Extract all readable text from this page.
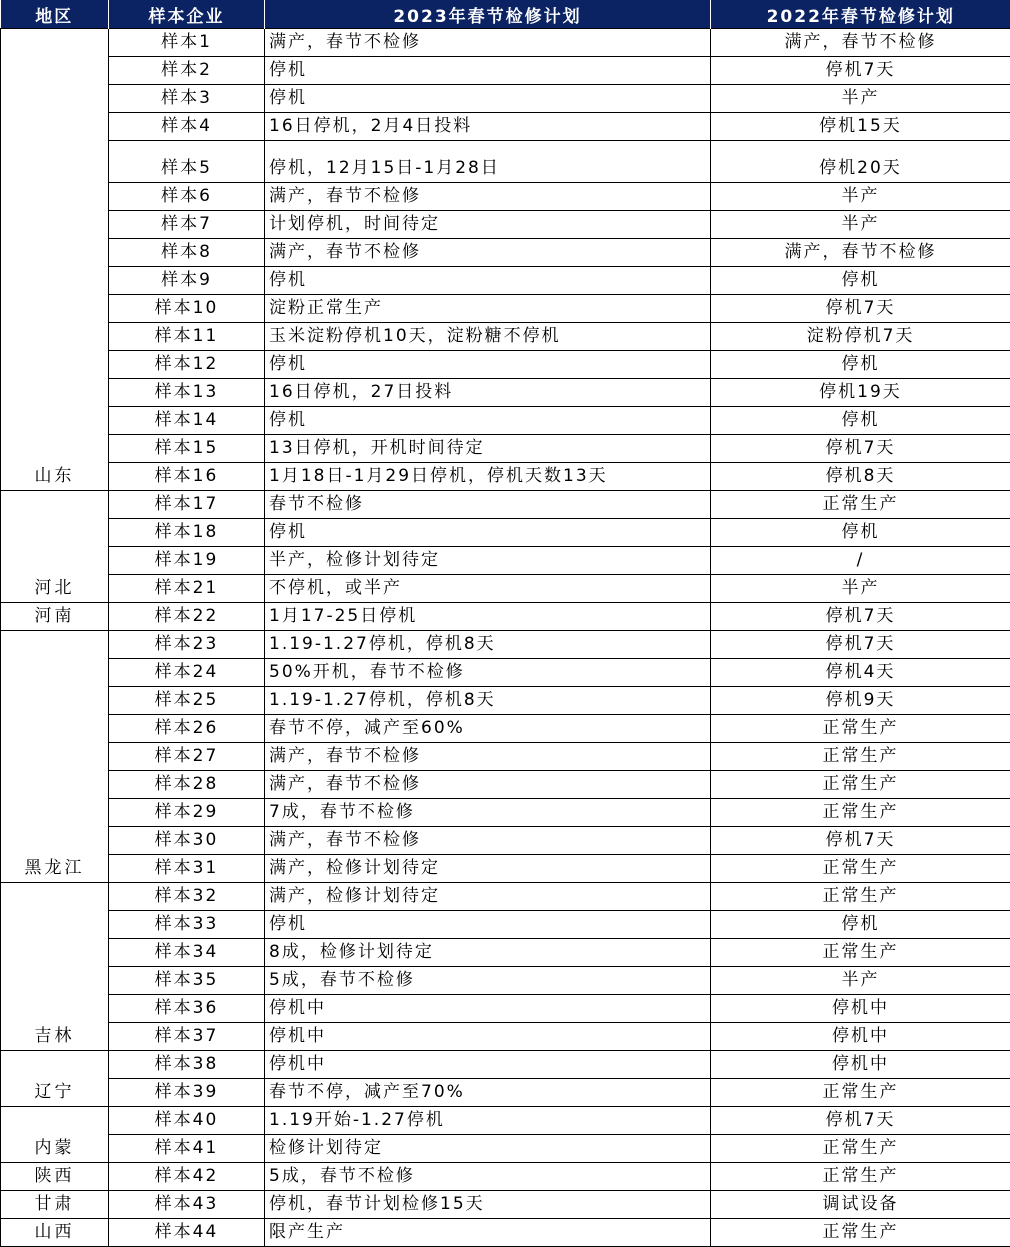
地区	样本企业	2023年春节检修计划	2022年春节检修计划
山东	样本1	满产，春节不检修	满产，春节不检修
	样本2	停机	停机7天
	样本3	停机	半产
	样本4	16日停机，2月4日投料	停机15天
	样本5	停机，12月15日-1月28日	停机20天
	样本6	满产，春节不检修	半产
	样本7	计划停机，时间待定	半产
	样本8	满产，春节不检修	满产，春节不检修
	样本9	停机	停机
	样本10	淀粉正常生产	停机7天
	样本11	玉米淀粉停机10天，淀粉糖不停机	淀粉停机7天
	样本12	停机	停机
	样本13	16日停机，27日投料	停机19天
	样本14	停机	停机
	样本15	13日停机，开机时间待定	停机7天
	样本16	1月18日-1月29日停机，停机天数13天	停机8天
河北	样本17	春节不检修	正常生产
	样本18	停机	停机
	样本19	半产，检修计划待定	/
	样本21	不停机，或半产	半产
河南	样本22	1月17-25日停机	停机7天
黑龙江	样本23	1.19-1.27停机，停机8天	停机7天
	样本24	50%开机，春节不检修	停机4天
	样本25	1.19-1.27停机，停机8天	停机9天
	样本26	春节不停，减产至60%	正常生产
	样本27	满产，春节不检修	正常生产
	样本28	满产，春节不检修	正常生产
	样本29	7成，春节不检修	正常生产
	样本30	满产，春节不检修	停机7天
	样本31	满产，检修计划待定	正常生产
吉林	样本32	满产，检修计划待定	正常生产
	样本33	停机	停机
	样本34	8成，检修计划待定	正常生产
	样本35	5成，春节不检修	半产
	样本36	停机中	停机中
	样本37	停机中	停机中
辽宁	样本38	停机中	停机中
	样本39	春节不停，减产至70%	正常生产
内蒙	样本40	1.19开始-1.27停机	停机7天
	样本41	检修计划待定	正常生产
陕西	样本42	5成，春节不检修	正常生产
甘肃	样本43	停机，春节计划检修15天	调试设备
山西	样本44	限产生产	正常生产
